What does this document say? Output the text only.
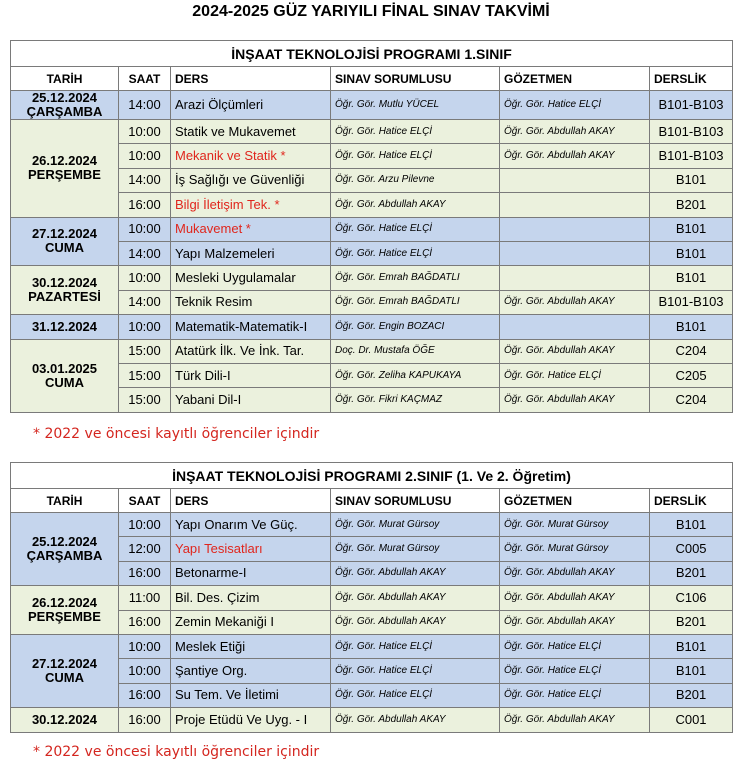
2024-2025 GÜZ YARIYILI FİNAL SINAV TAKVİMİ
İNŞAAT TEKNOLOJİSİ PROGRAMI 1.SINIF					
TARİH	SAAT	DERS	SINAV SORUMLUSU	GÖZETMEN	DERSLİK

25.12.2024
ÇARŞAMBA	14:00	Arazi Ölçümleri	Öğr. Gör. Mutlu YÜCEL	Öğr. Gör. Hatice ELÇİ	B101-B103

26.12.2024
PERŞEMBE	10:00	Statik ve Mukavemet	Öğr. Gör. Hatice ELÇİ	Öğr. Gör. Abdullah AKAY	B101-B103
	10:00	Mekanik ve Statik *	Öğr. Gör. Hatice ELÇİ	Öğr. Gör. Abdullah AKAY	B101-B103
	14:00	İş Sağlığı ve Güvenliği	Öğr. Gör. Arzu Pilevne		B101
	16:00	Bilgi İletişim Tek. *	Öğr. Gör. Abdullah AKAY		B201

27.12.2024
CUMA	10:00	Mukavemet *	Öğr. Gör. Hatice ELÇİ		B101
	14:00	Yapı Malzemeleri	Öğr. Gör. Hatice ELÇİ		B101

30.12.2024
PAZARTESİ	10:00	Mesleki Uygulamalar	Öğr. Gör. Emrah BAĞDATLI		B101
	14:00	Teknik Resim	Öğr. Gör. Emrah BAĞDATLI	Öğr. Gör. Abdullah AKAY	B101-B103

31.12.2024	10:00	Matematik-Matematik-I	Öğr. Gör. Engin BOZACI		B101

03.01.2025
CUMA	15:00	Atatürk İlk. Ve İnk. Tar.	Doç. Dr. Mustafa ÖĞE	Öğr. Gör. Abdullah AKAY	C204
	15:00	Türk Dili-I	Öğr. Gör. Zeliha KAPUKAYA	Öğr. Gör. Hatice ELÇİ	C205
	15:00	Yabani Dil-I	Öğr. Gör. Fikri KAÇMAZ	Öğr. Gör. Abdullah AKAY	C204
* 2022 ve öncesi kayıtlı öğrenciler içindir
İNŞAAT TEKNOLOJİSİ PROGRAMI 2.SINIF (1. Ve 2. Öğretim)					
TARİH	SAAT	DERS	SINAV SORUMLUSU	GÖZETMEN	DERSLİK

25.12.2024
ÇARŞAMBA	10:00	Yapı Onarım Ve Güç.	Öğr. Gör. Murat Gürsoy	Öğr. Gör. Murat Gürsoy	B101
	12:00	Yapı Tesisatları	Öğr. Gör. Murat Gürsoy	Öğr. Gör. Murat Gürsoy	C005
	16:00	Betonarme-I	Öğr. Gör. Abdullah AKAY	Öğr. Gör. Abdullah AKAY	B201

26.12.2024
PERŞEMBE	11:00	Bil. Des. Çizim	Öğr. Gör. Abdullah AKAY	Öğr. Gör. Abdullah AKAY	C106
	16:00	Zemin Mekaniği I	Öğr. Gör. Abdullah AKAY	Öğr. Gör. Abdullah AKAY	B201

27.12.2024
CUMA	10:00	Meslek Etiği	Öğr. Gör. Hatice ELÇİ	Öğr. Gör. Hatice ELÇİ	B101
	10:00	Şantiye Org.	Öğr. Gör. Hatice ELÇİ	Öğr. Gör. Hatice ELÇİ	B101
	16:00	Su Tem. Ve İletimi	Öğr. Gör. Hatice ELÇİ	Öğr. Gör. Hatice ELÇİ	B201

30.12.2024	16:00	Proje Etüdü Ve Uyg. - I	Öğr. Gör. Abdullah AKAY	Öğr. Gör. Abdullah AKAY	C001
* 2022 ve öncesi kayıtlı öğrenciler içindir
